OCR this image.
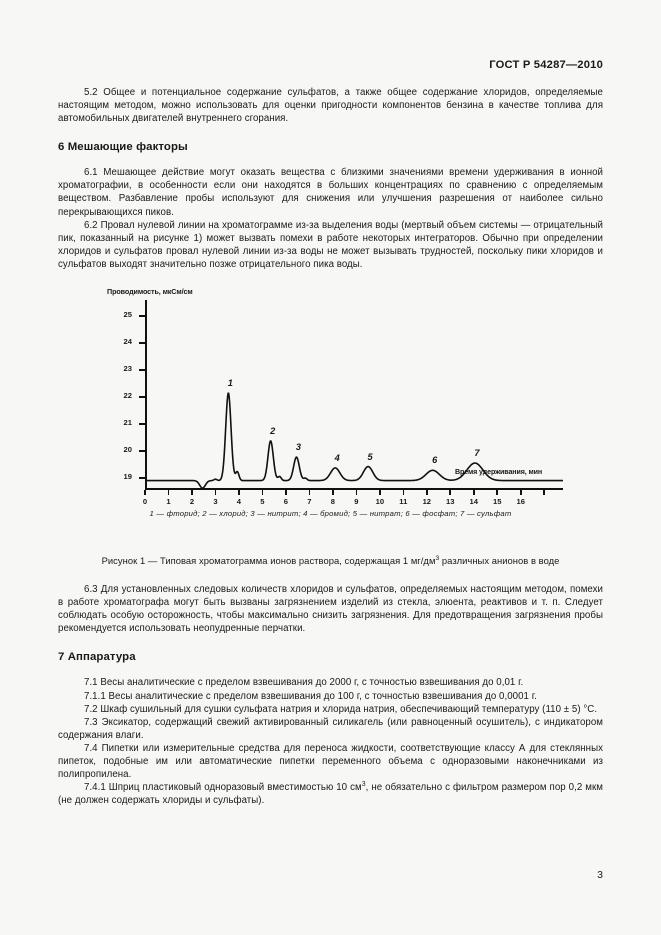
ГОСТ Р 54287—2010

5.2 Общее и потенциальное содержание сульфатов, а также общее содержание хлоридов, определяемые настоящим методом, можно использовать для оценки пригодности компонентов бензина в качестве топлива для автомобильных двигателей внутреннего сгорания.

6 Мешающие факторы

6.1 Мешающее действие могут оказать вещества с близкими значениями времени удерживания в ионной хроматографии, в особенности если они находятся в больших концентрациях по сравнению с определяемым веществом. Разбавление пробы используют для снижения или улучшения разрешения от наиболее сильно перекрывающихся пиков.

6.2 Провал нулевой линии на хроматограмме из-за выделения воды (мертвый объем системы — отрицательный пик, показанный на рисунке 1) может вызвать помехи в работе некоторых интеграторов. Обычно при определении хлоридов и сульфатов провал нулевой линии из-за воды не может вызывать трудностей, поскольку пики хлоридов и сульфатов выходят значительно позже отрицательного пика воды.

Проводимость, мкСм/см
Время удерживания, мин
19
20
21
22
23
24
25
0	1	2	3	4	5	6	7	8	9 10 11 12 13 14 15 16
1
2
3
4	5	6
7
1 — фторид; 2 — хлорид; 3 — нитрит; 4 — бромид; 5 — нитрат; 6 — фосфат; 7 — сульфат
Рисунок 1 — Типовая хроматограмма ионов раствора, содержащая 1 $мг/дм^3$ различных анионов в воде

6.3 Для установленных следовых количеств хлоридов и сульфатов, определяемых настоящим методом, помехи в работе хроматографа могут быть вызваны загрязнением изделий из стекла, элюента, реактивов и т. п. Следует соблюдать особую осторожность, чтобы максимально снизить загрязнения. Для предотвращения загрязнения пробы рекомендуется использовать неопудренные перчатки.

7 Аппаратура

7.1 Весы аналитические с пределом взвешивания до 2000 г, с точностью взвешивания до 0,01 г.

7.1.1 Весы аналитические с пределом взвешивания до 100 г, с точностью взвешивания до 0,0001 г.

7.2 Шкаф сушильный для сушки сульфата натрия и хлорида натрия, обеспечивающий температуру (110 ± 5) °С.

7.3 Эксикатор, содержащий свежий активированный силикагель (или равноценный осушитель), с индикатором содержания влаги.

7.4 Пипетки или измерительные средства для переноса жидкости, соответствующие классу А для стеклянных пипеток, подобные им или автоматические пипетки переменного объема с одноразовыми наконечниками из полипропилена.

7.4.1 Шприц пластиковый одноразовый вместимостью 10 $см^3$, не обязательно с фильтром размером пор 0,2 мкм (не должен содержать хлориды и сульфаты).

3
